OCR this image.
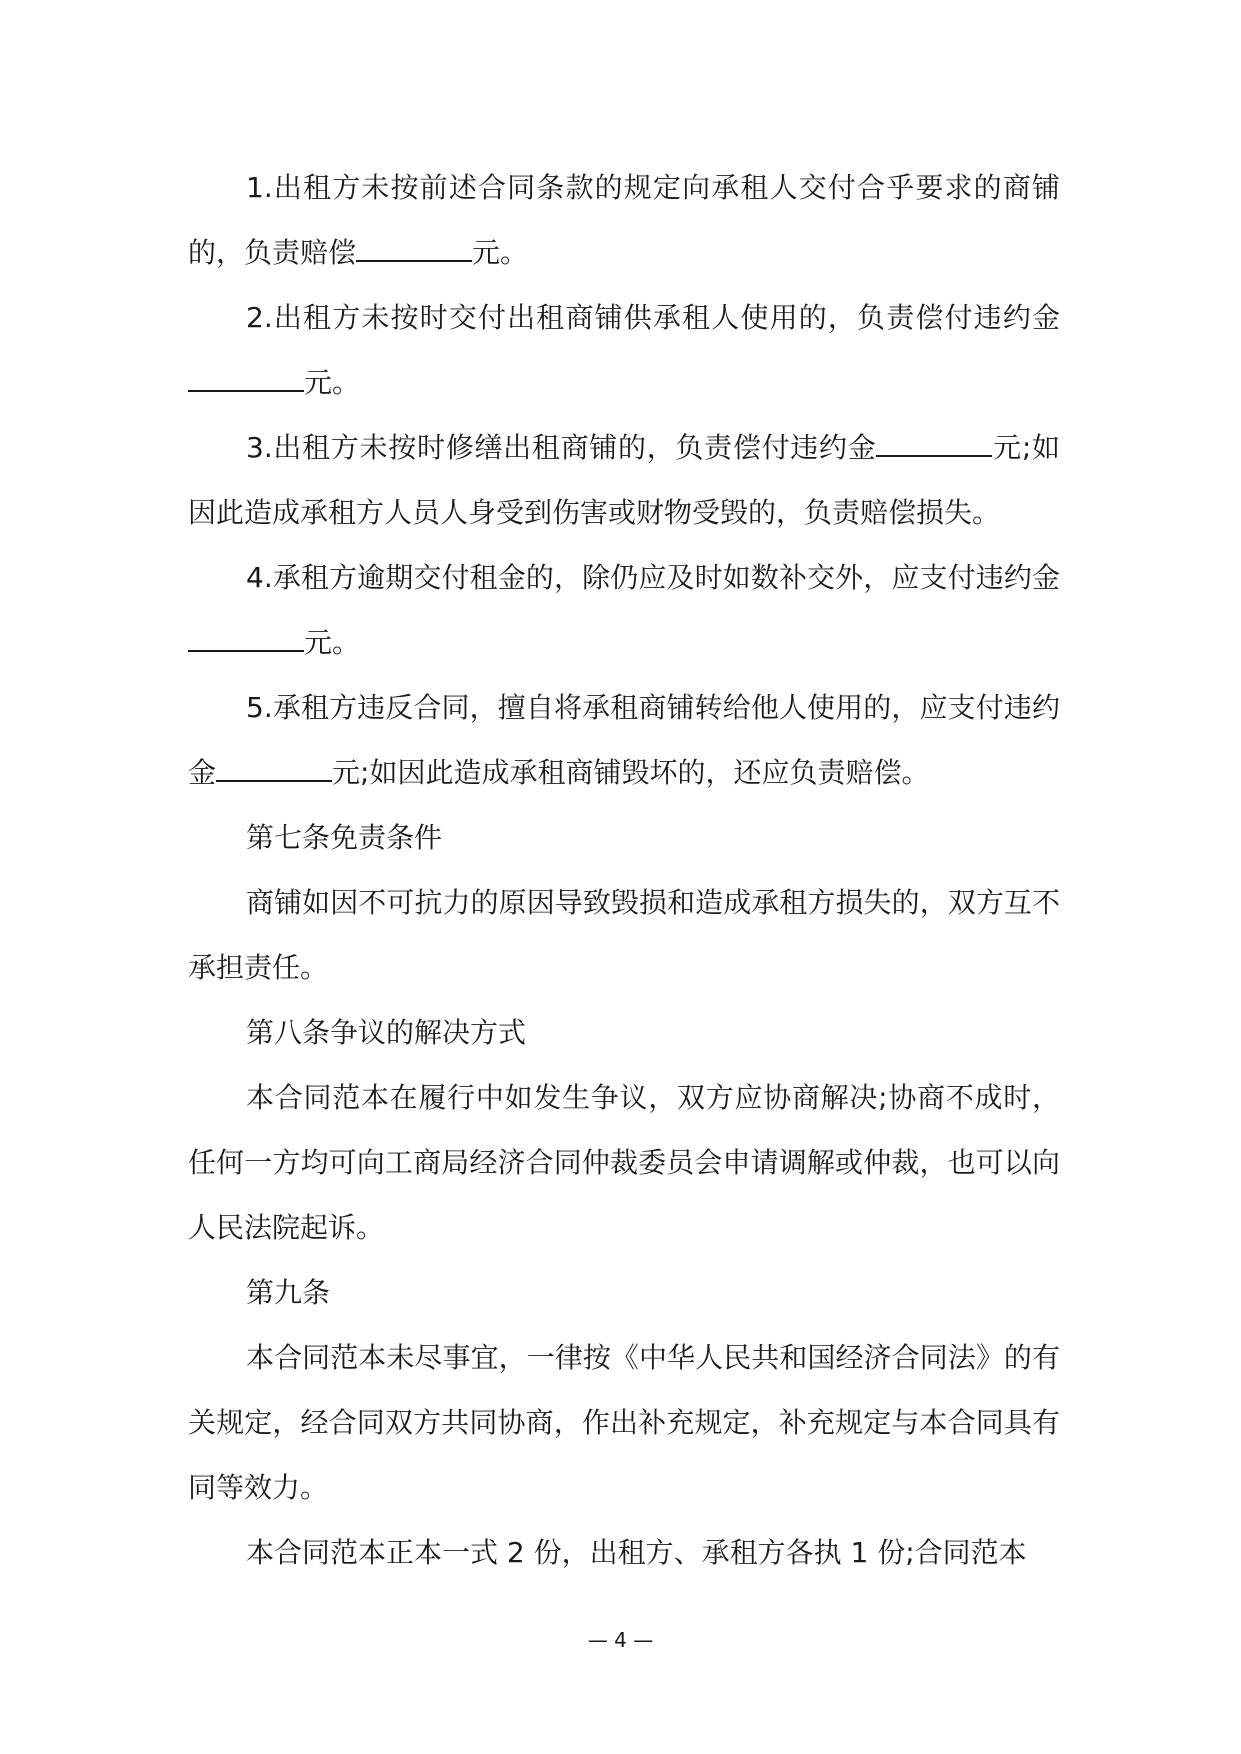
1.出租方未按前述合同条款的规定向承租人交付合乎要求的商铺的，负责赔偿	元。

2.出租方未按时交付出租商铺供承租人使用的，负责偿付违约金元。

3.出租方未按时修缮出租商铺的，负责偿付违约金	元;如因此造成承租方人员人身受到伤害或财物受毁的，负责赔偿损失。

4.承租方逾期交付租金的，除仍应及时如数补交外，应支付违约金元。

5.承租方违反合同，擅自将承租商铺转给他人使用的，应支付违约金	元;如因此造成承租商铺毁坏的，还应负责赔偿。

第七条免责条件

商铺如因不可抗力的原因导致毁损和造成承租方损失的，双方互不承担责任。

第八条争议的解决方式

本合同范本在履行中如发生争议，双方应协商解决;协商不成时，任何一方均可向工商局经济合同仲裁委员会申请调解或仲裁，也可以向人民法院起诉。

第九条

本合同范本未尽事宜，一律按《中华人民共和国经济合同法》的有关规定，经合同双方共同协商，作出补充规定，补充规定与本合同具有同等效力。

本合同范本正本一式 2 份，出租方、承租方各执 1 份;合同范本

— 4 —
